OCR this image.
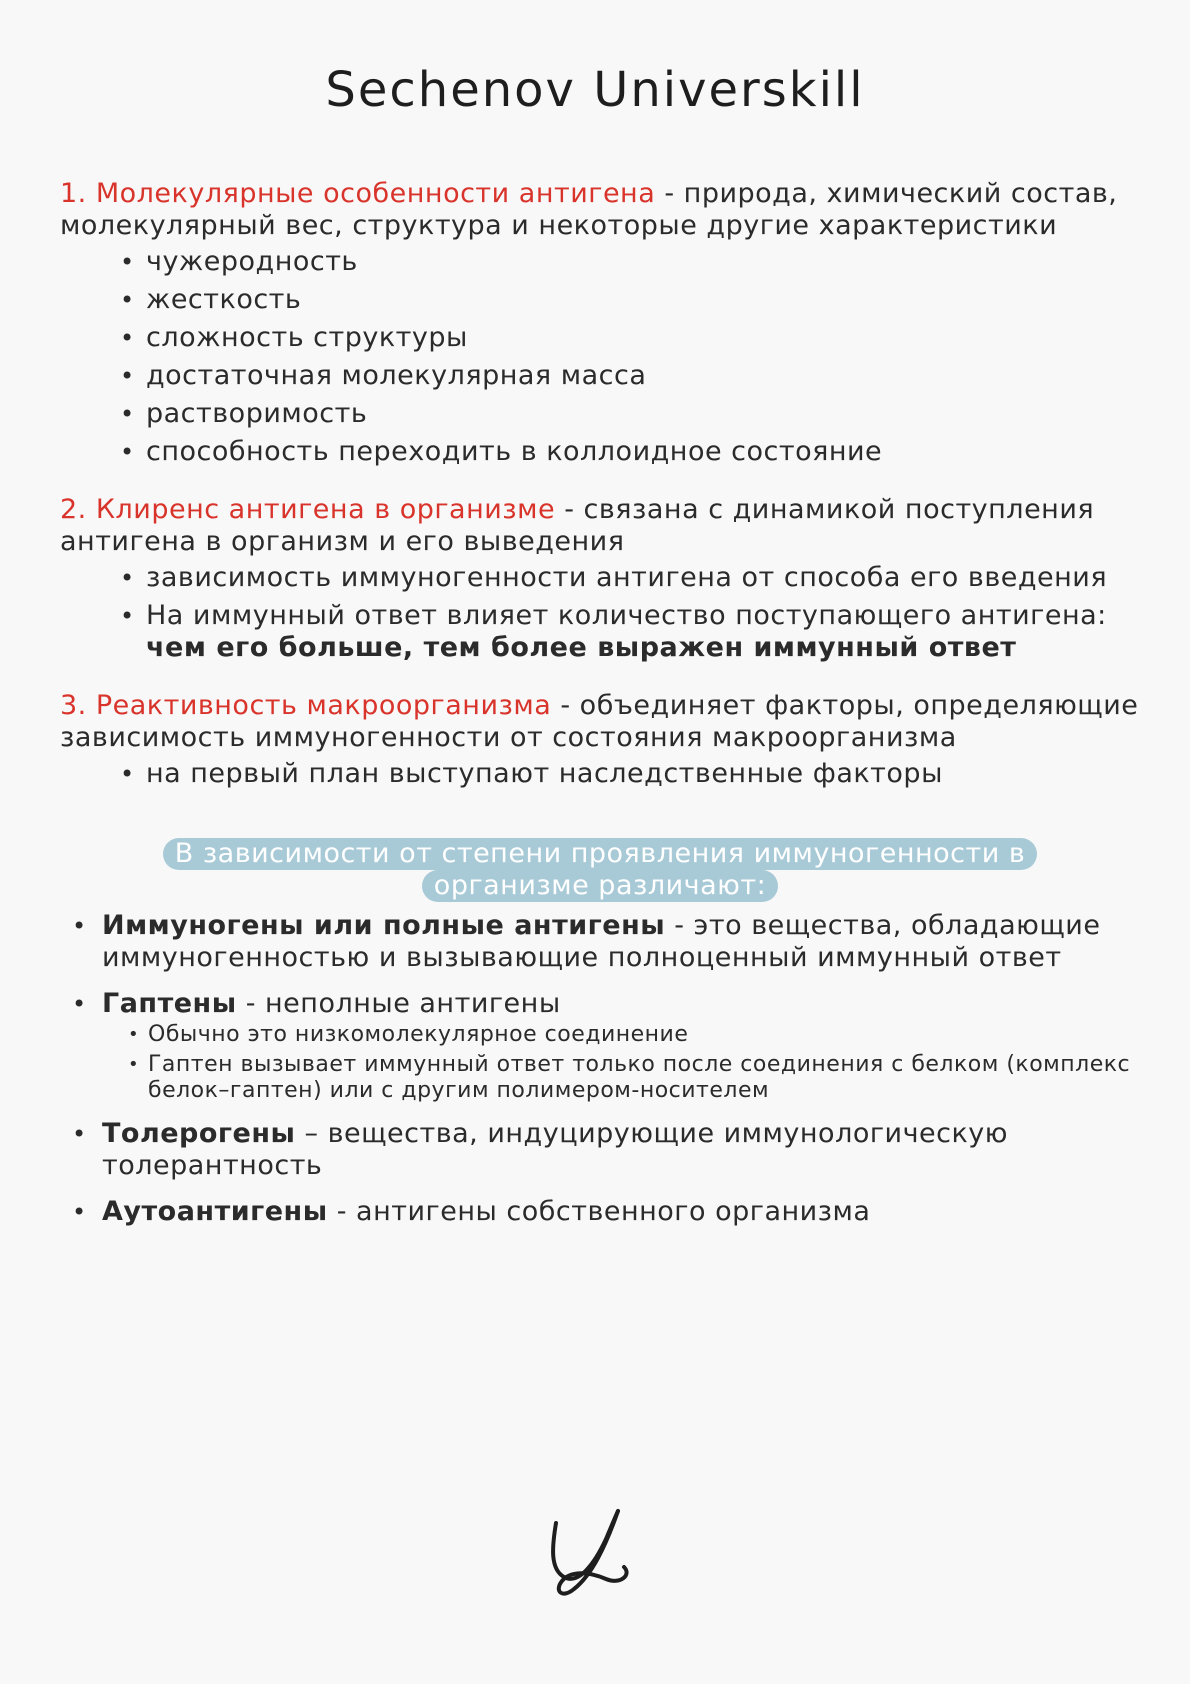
Sechenov Universkill

1. Молекулярные особенности антигена - природа, химический состав, молекулярный вес, структура и некоторые другие характеристики

• чужеродность
• жесткость
• сложность структуры
• достаточная молекулярная масса
• растворимость
• способность переходить в коллоидное состояние

2. Клиренс антигена в организме - связана с динамикой поступления антигена в организм и его выведения

• зависимость иммуногенности антигена от способа его введения
• На иммунный ответ влияет количество поступающего антигена: чем его больше, тем более выражен иммунный ответ

3. Реактивность макроорганизма - объединяет факторы, определяющие зависимость иммуногенности от состояния макроорганизма

• на первый план выступают наследственные факторы
В зависимости от степени проявления иммуногенности в
организме различают:
• Иммуногены или полные антигены - это вещества, обладающие иммуногенностью и вызывающие полноценный иммунный ответ
• Гаптены - неполные антигены
• Обычно это низкомолекулярное соединение
• Гаптен вызывает иммунный ответ только после соединения с белком (комплекс белок–гаптен) или с другим полимером-носителем
• Толерогены – вещества, индуцирующие иммунологическую толерантность
• Аутоантигены - антигены собственного организма
